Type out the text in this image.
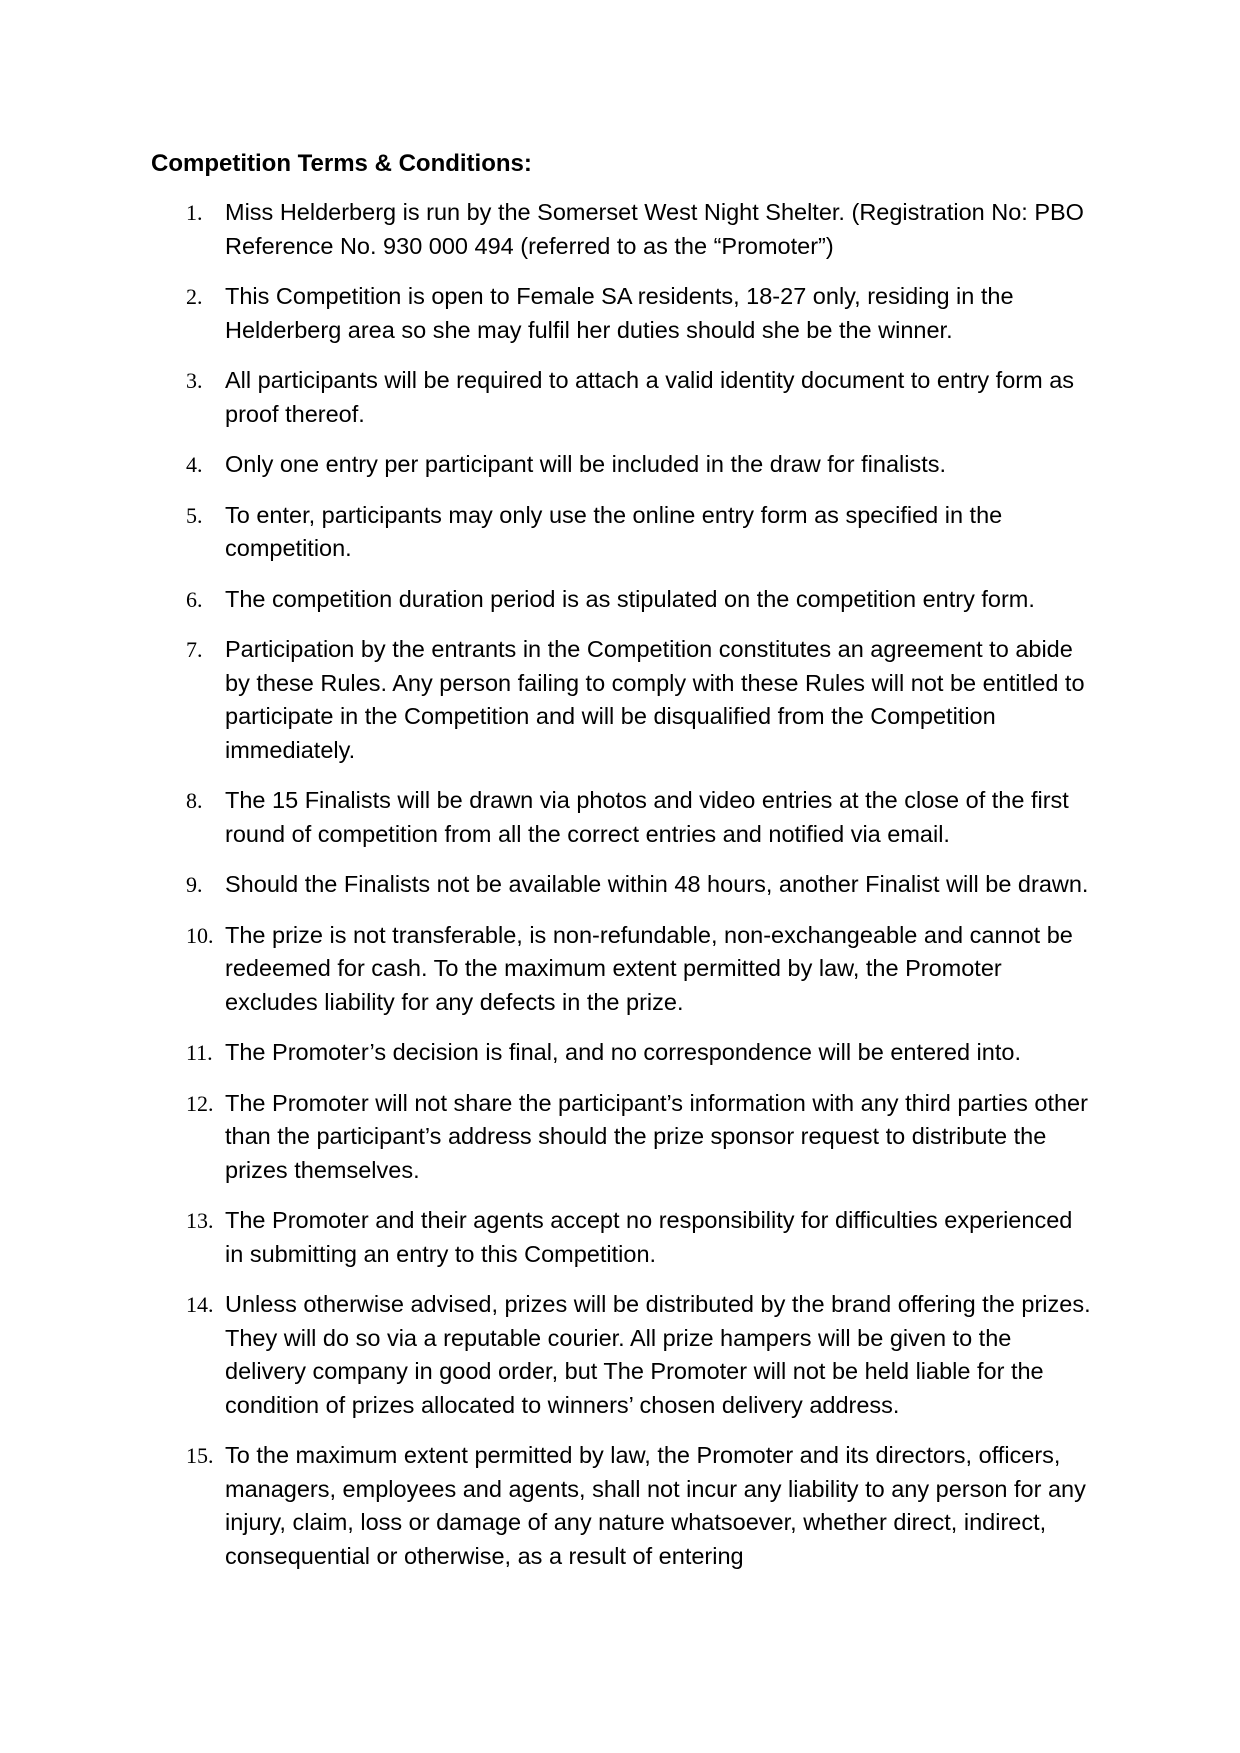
Competition Terms & Conditions:
1. Miss Helderberg is run by the Somerset West Night Shelter. (Registration No: PBO Reference No. 930 000 494 (referred to as the “Promoter”)
2. This Competition is open to Female SA residents, 18-27 only, residing in the Helderberg area so she may fulfil her duties should she be the winner.
3. All participants will be required to attach a valid identity document to entry form as proof thereof.
4. Only one entry per participant will be included in the draw for finalists.
5. To enter, participants may only use the online entry form as specified in the competition.
6. The competition duration period is as stipulated on the competition entry form.
7. Participation by the entrants in the Competition constitutes an agreement to abide by these Rules. Any person failing to comply with these Rules will not be entitled to participate in the Competition and will be disqualified from the Competition immediately.
8. The 15 Finalists will be drawn via photos and video entries at the close of the first round of competition from all the correct entries and notified via email.
9. Should the Finalists not be available within 48 hours, another Finalist will be drawn.
10. The prize is not transferable, is non-refundable, non-exchangeable and cannot be redeemed for cash. To the maximum extent permitted by law, the Promoter excludes liability for any defects in the prize.
11. The Promoter’s decision is final, and no correspondence will be entered into.
12. The Promoter will not share the participant’s information with any third parties other than the participant’s address should the prize sponsor request to distribute the prizes themselves.
13. The Promoter and their agents accept no responsibility for difficulties experienced in submitting an entry to this Competition.
14. Unless otherwise advised, prizes will be distributed by the brand offering the prizes. They will do so via a reputable courier. All prize hampers will be given to the delivery company in good order, but The Promoter will not be held liable for the condition of prizes allocated to winners’ chosen delivery address.
15. To the maximum extent permitted by law, the Promoter and its directors, officers, managers, employees and agents, shall not incur any liability to any person for any injury, claim, loss or damage of any nature whatsoever, whether direct, indirect, consequential or otherwise, as a result of entering
